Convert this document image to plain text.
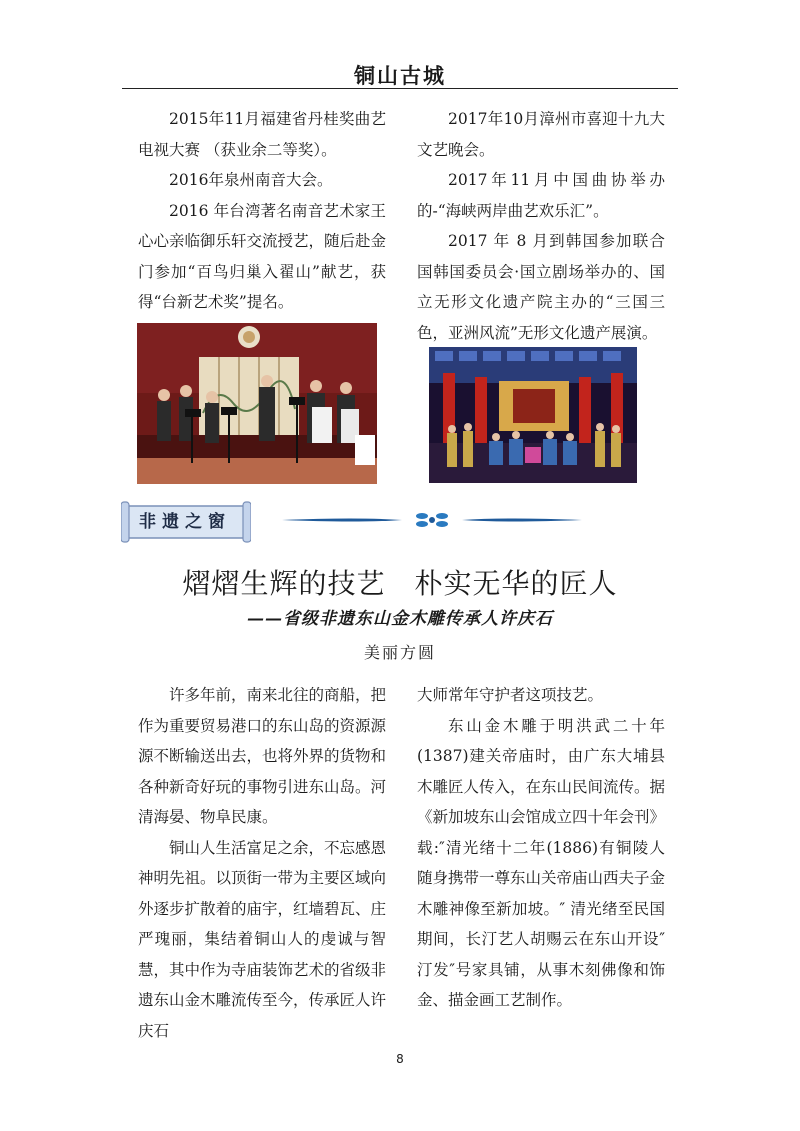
铜山古城

2015年11月福建省丹桂奖曲艺电视大赛 （获业余二等奖）。

2016年泉州南音大会。

2016 年台湾著名南音艺术家王心心亲临御乐轩交流授艺，随后赴金门参加“百鸟归巢入翟山”献艺，获得“台新艺术奖”提名。

2017年10月漳州市喜迎十九大文艺晚会。

2017年11月中国曲协举办的-“海峡两岸曲艺欢乐汇”。

2017 年 8 月到韩国参加联合国韩国委员会·国立剧场举办的、国立无形文化遗产院主办的“三国三色，亚洲风流”无形文化遗产展演。

非遗之窗
熠熠生辉的技艺　朴实无华的匠人
——省级非遗东山金木雕传承人许庆石
美丽方圆

许多年前，南来北往的商船，把作为重要贸易港口的东山岛的资源源源不断输送出去，也将外界的货物和各种新奇好玩的事物引进东山岛。河清海晏、物阜民康。

铜山人生活富足之余，不忘感恩神明先祖。以顶街一带为主要区域向外逐步扩散着的庙宇，红墙碧瓦、庄严瑰丽，集结着铜山人的虔诚与智慧，其中作为寺庙装饰艺术的省级非遗东山金木雕流传至今，传承匠人许庆石

大师常年守护者这项技艺。

东山金木雕于明洪武二十年(1387)建关帝庙时，由广东大埔县木雕匠人传入，在东山民间流传。据《新加坡东山会馆成立四十年会刊》载:″清光绪十二年(1886)有铜陵人随身携带一尊东山关帝庙山西夫子金木雕神像至新加坡。″ 清光绪至民国期间，长汀艺人胡赐云在东山开设″汀发″号家具铺，从事木刻佛像和饰金、描金画工艺制作。

8
